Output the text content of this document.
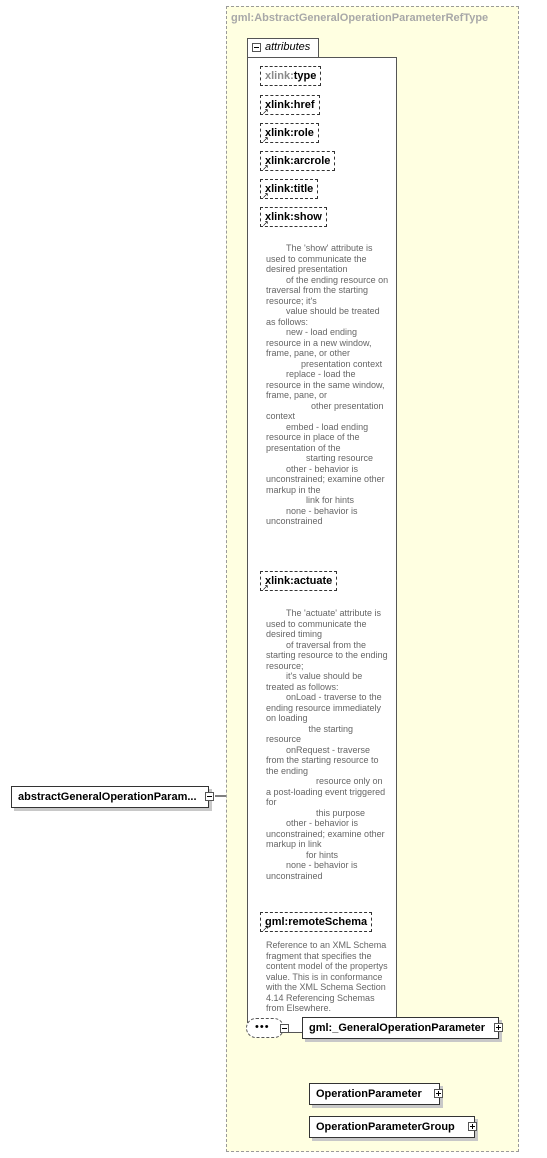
gml:AbstractGeneralOperationParameterRefType
attributes
xlink:type
xlink:href
↗
xlink:role
↗
xlink:arcrole
↗
xlink:title
↗
xlink:show
↗
The 'show' attribute is used to communicate the desired presentation
of the ending resource on traversal from the starting resource; it's
value should be treated as follows:
new - load ending resource in a new window, frame, pane, or other
presentation context
replace - load the resource in the same window, frame, pane, or
other presentation context
embed - load ending resource in place of the presentation of the
starting resource
other - behavior is unconstrained; examine other markup in the
link for hints
none - behavior is unconstrained
xlink:actuate
↗
The 'actuate' attribute is used to communicate the desired timing
of traversal from the starting resource to the ending resource;
it's value should be treated as follows:
onLoad - traverse to the ending resource immediately on loading
the starting resource
onRequest - traverse from the starting resource to the ending
resource only on a post-loading event triggered for
this purpose
other - behavior is unconstrained; examine other markup in link
for hints
none - behavior is unconstrained
gml:remoteSchema
↗
Reference to an XML Schema fragment that specifies the content model of the propertys value. This is in conformance with the XML Schema Section 4.14 Referencing Schemas from Elsewhere.
abstractGeneralOperationParam...
•••	gml:_GeneralOperationParameter
OperationParameter
OperationParameterGroup
